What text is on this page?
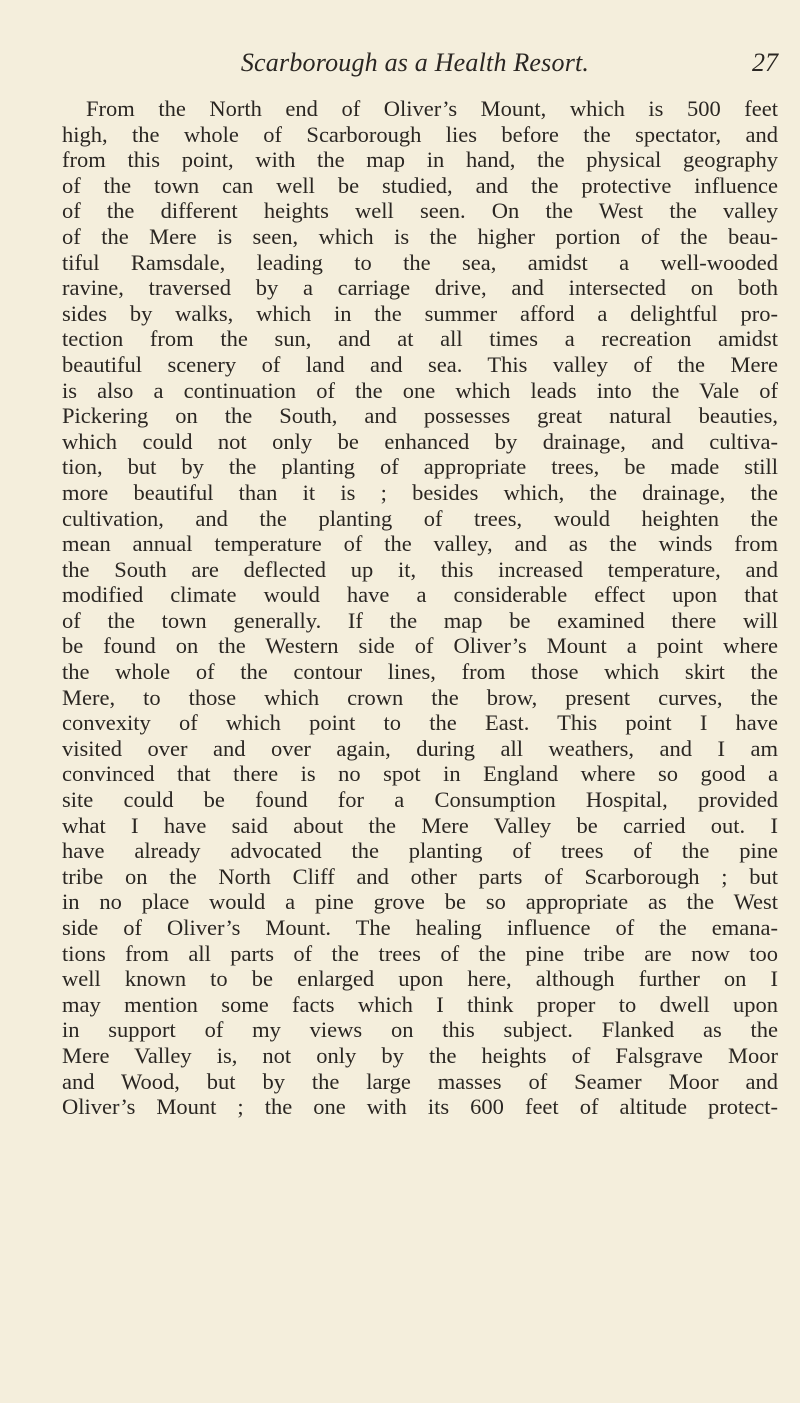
Scarborough as a Health Resort.	27
From the North end of Oliver’s Mount, which is 500 feet
high, the whole of Scarborough lies before the spectator, and
from this point, with the map in hand, the physical geography
of the town can well be studied, and the protective influence
of the different heights well seen. On the West the valley
of the Mere is seen, which is the higher portion of the beau-
tiful Ramsdale, leading to the sea, amidst a well-wooded
ravine, traversed by a carriage drive, and intersected on both
sides by walks, which in the summer afford a delightful pro-
tection from the sun, and at all times a recreation amidst
beautiful scenery of land and sea. This valley of the Mere
is also a continuation of the one which leads into the Vale of
Pickering on the South, and possesses great natural beauties,
which could not only be enhanced by drainage, and cultiva-
tion, but by the planting of appropriate trees, be made still
more beautiful than it is ; besides which, the drainage, the
cultivation, and the planting of trees, would heighten the
mean annual temperature of the valley, and as the winds from
the South are deflected up it, this increased temperature, and
modified climate would have a considerable effect upon that
of the town generally. If the map be examined there will
be found on the Western side of Oliver’s Mount a point where
the whole of the contour lines, from those which skirt the
Mere, to those which crown the brow, present curves, the
convexity of which point to the East. This point I have
visited over and over again, during all weathers, and I am
convinced that there is no spot in England where so good a
site could be found for a Consumption Hospital, provided
what I have said about the Mere Valley be carried out. I
have already advocated the planting of trees of the pine
tribe on the North Cliff and other parts of Scarborough ; but
in no place would a pine grove be so appropriate as the West
side of Oliver’s Mount. The healing influence of the emana-
tions from all parts of the trees of the pine tribe are now too
well known to be enlarged upon here, although further on I
may mention some facts which I think proper to dwell upon
in support of my views on this subject. Flanked as the
Mere Valley is, not only by the heights of Falsgrave Moor
and Wood, but by the large masses of Seamer Moor and
Oliver’s Mount ; the one with its 600 feet of altitude protect-
